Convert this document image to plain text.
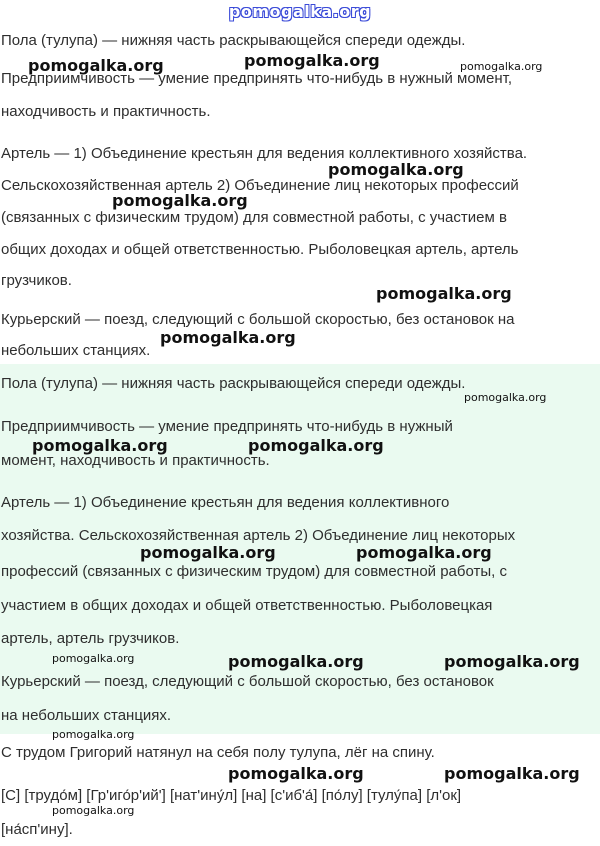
pomogalka.org
Пола (тулупа) — нижняя часть раскрывающейся спереди одежды.
Предприимчивость — умение предпринять что-нибудь в нужный момент,
находчивость и практичность.
Артель — 1) Объединение крестьян для ведения коллективного хозяйства.
Сельскохозяйственная артель 2) Объединение лиц некоторых профессий
(связанных с физическим трудом) для совместной работы, с участием в
общих доходах и общей ответственностью. Рыболовецкая артель, артель
грузчиков.
Курьерский — поезд, следующий с большой скоростью, без остановок на
небольших станциях.
Пола (тулупа) — нижняя часть раскрывающейся спереди одежды.
Предприимчивость — умение предпринять что-нибудь в нужный
момент, находчивость и практичность.
Артель — 1) Объединение крестьян для ведения коллективного
хозяйства. Сельскохозяйственная артель 2) Объединение лиц некоторых
профессий (связанных с физическим трудом) для совместной работы, с
участием в общих доходах и общей ответственностью. Рыболовецкая
артель, артель грузчиков.
Курьерский — поезд, следующий с большой скоростью, без остановок
на небольших станциях.
С трудом Григорий натянул на себя полу тулупа, лёг на спину.
[С] [трудо́м] [Гр'иго́р'ий'] [нат'ину́л] [на] [с'иб'а́] [по́лу] [тулу́па] [л'ок]
[на́сп'ину].
pomogalka.org	pomogalka.org	pomogalka.org
pomogalka.org
pomogalka.org
pomogalka.org
pomogalka.org
pomogalka.org
pomogalka.org	pomogalka.org
pomogalka.org	pomogalka.org
pomogalka.org	pomogalka.org	pomogalka.org
pomogalka.org
pomogalka.org	pomogalka.org
pomogalka.org
